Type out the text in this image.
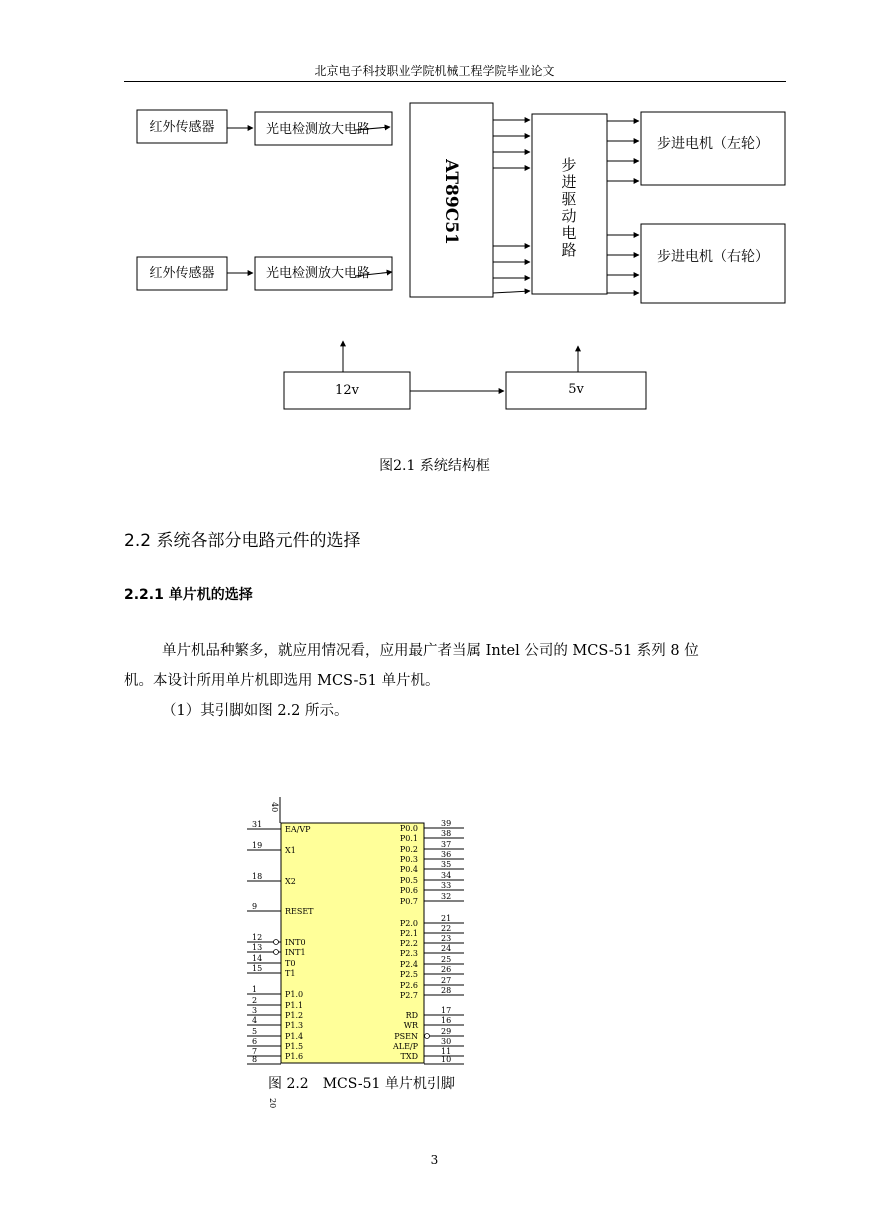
北京电子科技职业学院机械工程学院毕业论文
红外传感器	光电检测放大电路
红外传感器	光电检测放大电路
AT89C51	步
进
驱
动
电
路
步进电机（左轮）
步进电机（右轮）
12v	5v
图2.1 系统结构框
2.2 系统各部分电路元件的选择
2.2.1 单片机的选择
单片机品种繁多，就应用情况看，应用最广者当属 Intel 公司的 MCS-51 系列 8 位
机。本设计所用单片机即选用 MCS-51 单片机。
（1）其引脚如图 2.2 所示。
40
20
31
EA/VP
19
X1
18
X2
9
RESET
12
INT0
13
INT1
14
T0
15
T1
1
P1.0
2
P1.1
3
P1.2
4
P1.3
5
P1.4
6
P1.5
7
P1.6
8
39
P0.0
38
P0.1
37
P0.2
36
P0.3
35
P0.4
34
P0.5
33
P0.6
32
P0.7
21
P2.0
22
P2.1
23
P2.2
24
P2.3
25
P2.4
26
P2.5
27
P2.6
28
P2.7
17
RD
16
WR
29
PSEN
30
ALE/P
11
TXD	10
图 2.2　MCS-51 单片机引脚
3
